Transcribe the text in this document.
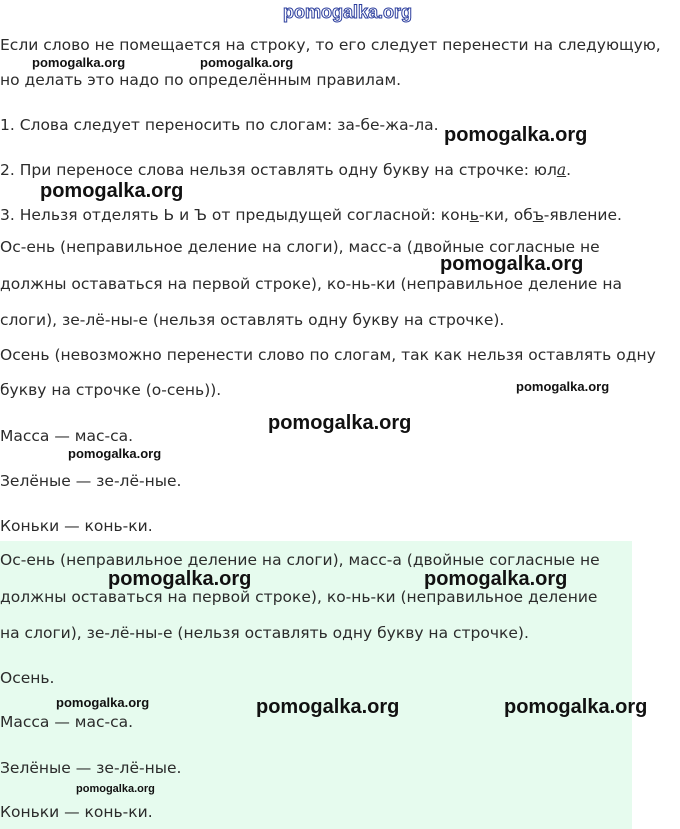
pomogalka.org
Если слово не помещается на строку, то его следует перенести на следующую,
но делать это надо по определённым правилам.
1. Слова следует переносить по слогам: за-бе-жа-ла.
2. При переносе слова нельзя оставлять одну букву на строчке: юла.
3. Нельзя отделять Ь и Ъ от предыдущей согласной: конь-ки, объ-явление.
Ос-ень (неправильное деление на слоги), масс-а (двойные согласные не
должны оставаться на первой строке), ко-нь-ки (неправильное деление на
слоги), зе-лё-ны-е (нельзя оставлять одну букву на строчке).
Осень (невозможно перенести слово по слогам, так как нельзя оставлять одну
букву на строчке (о-сень)).
Масса — мас-са.
Зелёные — зе-лё-ные.
Коньки — конь-ки.
Ос-ень (неправильное деление на слоги), масс-а (двойные согласные не
должны оставаться на первой строке), ко-нь-ки (неправильное деление
на слоги), зе-лё-ны-е (нельзя оставлять одну букву на строчке).
Осень.
Масса — мас-са.
Зелёные — зе-лё-ные.
Коньки — конь-ки.
pomogalka.org	pomogalka.org
pomogalka.org
pomogalka.org
pomogalka.org
pomogalka.org
pomogalka.org
pomogalka.org
pomogalka.org	pomogalka.org
pomogalka.org	pomogalka.org	pomogalka.org
pomogalka.org
